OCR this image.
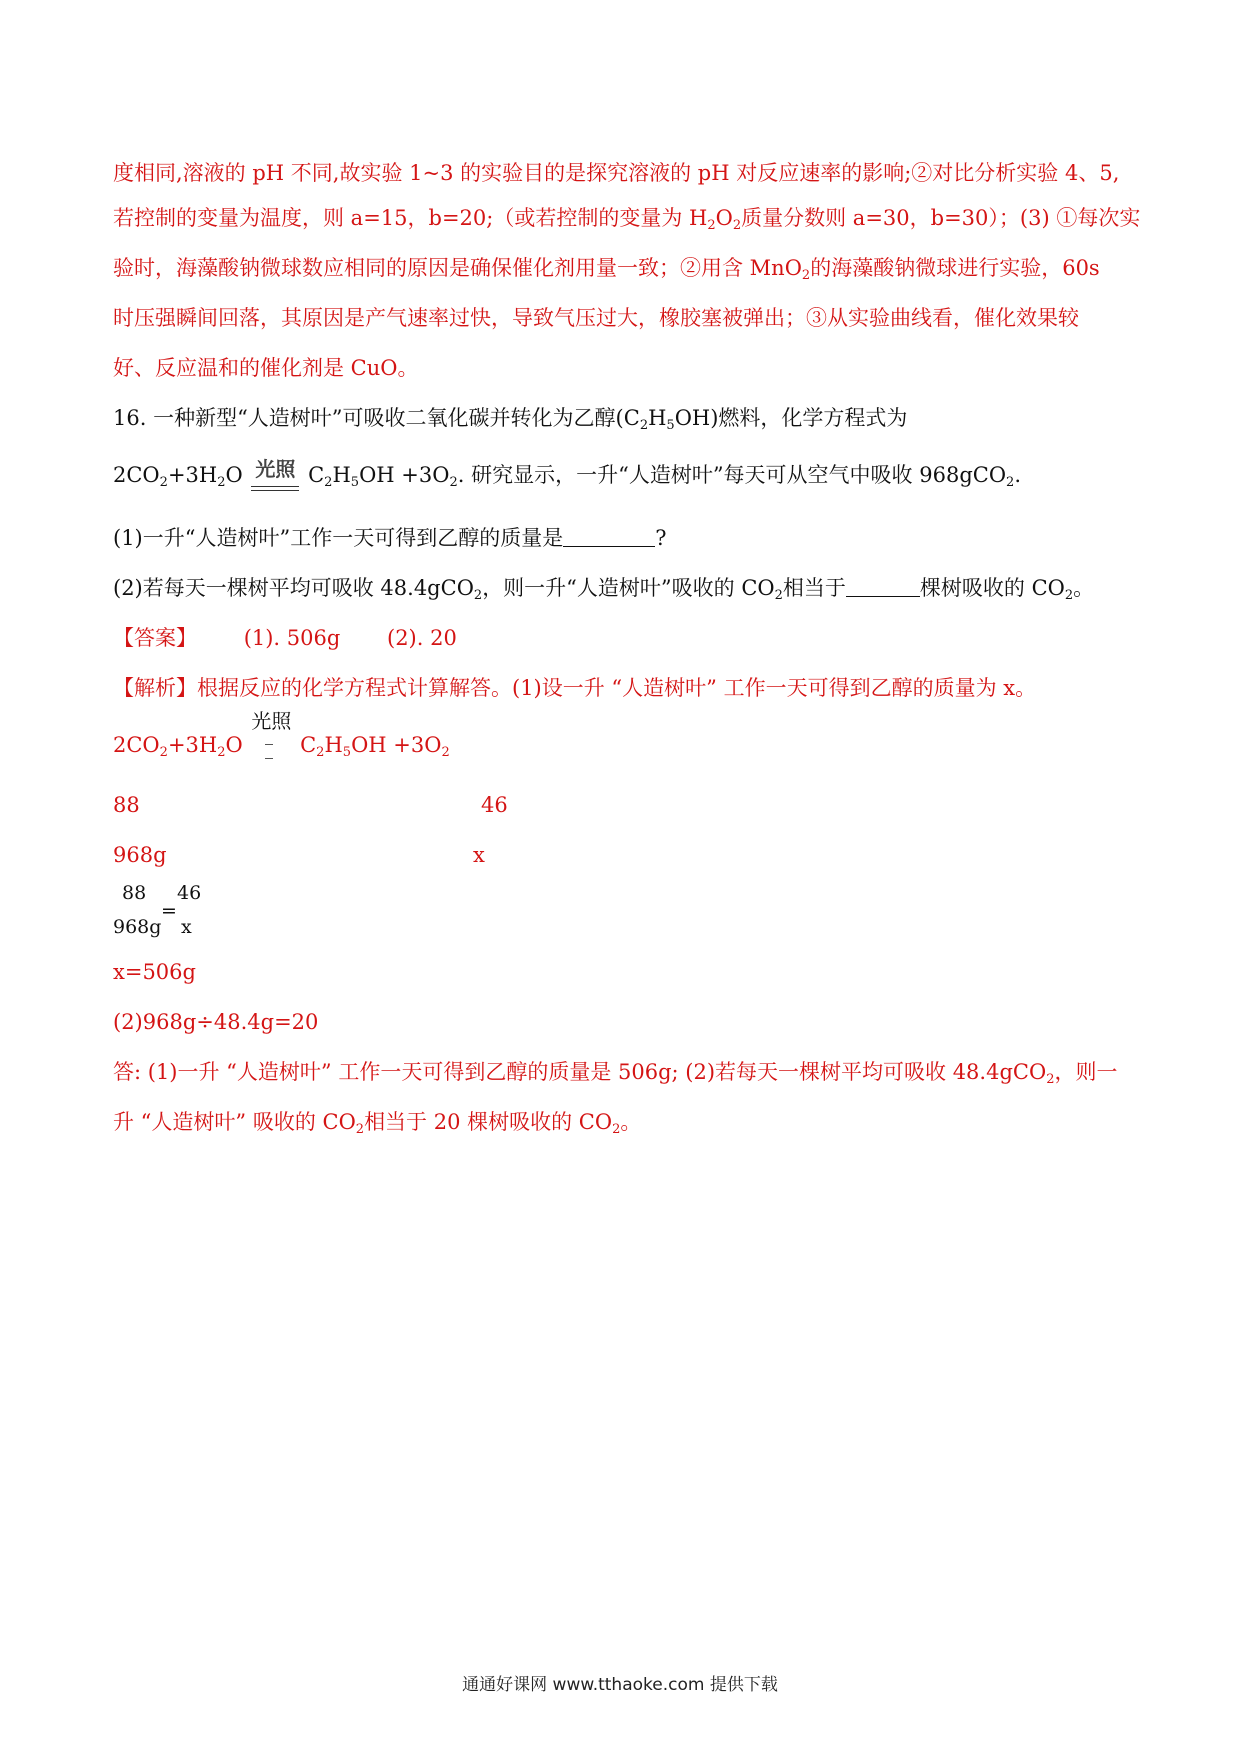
度相同,溶液的 pH 不同,故实验 1~3 的实验目的是探究溶液的 pH 对反应速率的影响;②对比分析实验 4、5,
若控制的变量为温度，则 a=15，b=20;（或若控制的变量为 $H_2O_2$质量分数则 a=30，b=30）；(3) ①每次实
验时，海藻酸钠微球数应相同的原因是确保催化剂用量一致；②用含 MnO$_2$的海藻酸钠微球进行实验，60s
时压强瞬间回落，其原因是产气速率过快，导致气压过大，橡胶塞被弹出；③从实验曲线看，催化效果较
好、反应温和的催化剂是 CuO。
16. 一种新型“人造树叶”可吸收二氧化碳并转化为乙醇$(C_2H_5OH)$燃料，化学方程式为
$2CO_2+3H_2O$ 光照 $C_2H_5OH +3O_2$. 研究显示，一升“人造树叶”每天可从空气中吸收 968gCO$_2$.
(1)一升“人造树叶”工作一天可得到乙醇的质量是	?
(2)若每天一棵树平均可吸收 48.4gCO$_2$，则一升“人造树叶”吸收的 $CO_2$相当于	棵树吸收的 $CO_2$。
【答案】 (1). 506g (2). 20
【解析】根据反应的化学方程式计算解答。(1)设一升 “人造树叶” 工作一天可得到乙醇的质量为 x。
$2CO_2+3H_2O$
光照
$C_2H_5OH +3O_2$
88	46
968g	x
88
968g
=
46
x
x=506g
(2)968g÷48.4g=20
答: (1)一升 “人造树叶” 工作一天可得到乙醇的质量是 506g; (2)若每天一棵树平均可吸收 48.4gCO$_2$，则一
升 “人造树叶” 吸收的 $CO_2$相当于 20 棵树吸收的 $CO_2$。
通通好课网 www.tthaoke.com 提供下载
